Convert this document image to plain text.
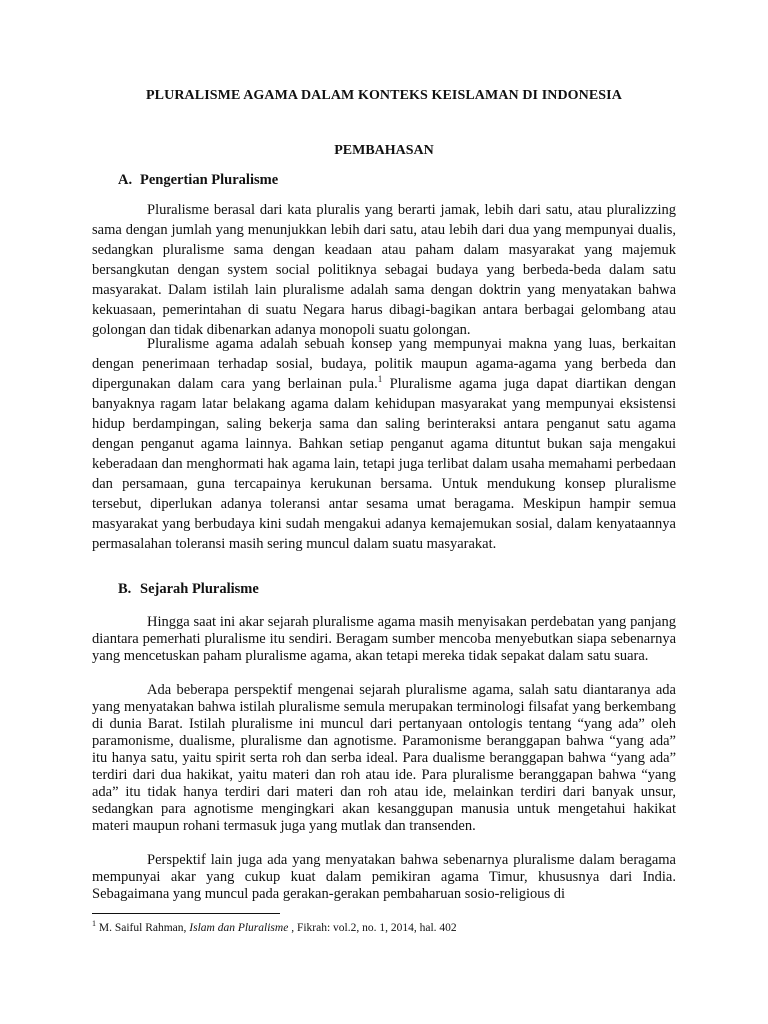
PLURALISME AGAMA DALAM KONTEKS KEISLAMAN DI INDONESIA
PEMBAHASAN
A. Pengertian Pluralisme

Pluralisme berasal dari kata pluralis yang berarti jamak, lebih dari satu, atau pluralizzing sama dengan jumlah yang menunjukkan lebih dari satu, atau lebih dari dua yang mempunyai dualis, sedangkan pluralisme sama dengan keadaan atau paham dalam masyarakat yang majemuk bersangkutan dengan system social politiknya sebagai budaya yang berbeda-beda dalam satu masyarakat. Dalam istilah lain pluralisme adalah sama dengan doktrin yang menyatakan bahwa kekuasaan, pemerintahan di suatu Negara harus dibagi-bagikan antara berbagai gelombang atau golongan dan tidak dibenarkan adanya monopoli suatu golongan.

Pluralisme agama adalah sebuah konsep yang mempunyai makna yang luas, berkaitan dengan penerimaan terhadap sosial, budaya, politik maupun agama-agama yang berbeda dan dipergunakan dalam cara yang berlainan pula.$^1$ Pluralisme agama juga dapat diartikan dengan banyaknya ragam latar belakang agama dalam kehidupan masyarakat yang mempunyai eksistensi hidup berdampingan, saling bekerja sama dan saling berinteraksi antara penganut satu agama dengan penganut agama lainnya. Bahkan setiap penganut agama dituntut bukan saja mengakui keberadaan dan menghormati hak agama lain, tetapi juga terlibat dalam usaha memahami perbedaan dan persamaan, guna tercapainya kerukunan bersama. Untuk mendukung konsep pluralisme tersebut, diperlukan adanya toleransi antar sesama umat beragama. Meskipun hampir semua masyarakat yang berbudaya kini sudah mengakui adanya kemajemukan sosial, dalam kenyataannya permasalahan toleransi masih sering muncul dalam suatu masyarakat.

B. Sejarah Pluralisme

Hingga saat ini akar sejarah pluralisme agama masih menyisakan perdebatan yang panjang diantara pemerhati pluralisme itu sendiri. Beragam sumber mencoba menyebutkan siapa sebenarnya yang mencetuskan paham pluralisme agama, akan tetapi mereka tidak sepakat dalam satu suara.

Ada beberapa perspektif mengenai sejarah pluralisme agama, salah satu diantaranya ada yang menyatakan bahwa istilah pluralisme semula merupakan terminologi filsafat yang berkembang di dunia Barat. Istilah pluralisme ini muncul dari pertanyaan ontologis tentang “yang ada” oleh paramonisme, dualisme, pluralisme dan agnotisme. Paramonisme beranggapan bahwa “yang ada” itu hanya satu, yaitu spirit serta roh dan serba ideal. Para dualisme beranggapan bahwa “yang ada” terdiri dari dua hakikat, yaitu materi dan roh atau ide. Para pluralisme beranggapan bahwa “yang ada” itu tidak hanya terdiri dari materi dan roh atau ide, melainkan terdiri dari banyak unsur, sedangkan para agnotisme mengingkari akan kesanggupan manusia untuk mengetahui hakikat materi maupun rohani termasuk juga yang mutlak dan transenden.

Perspektif lain juga ada yang menyatakan bahwa sebenarnya pluralisme dalam beragama mempunyai akar yang cukup kuat dalam pemikiran agama Timur, khususnya dari India. Sebagaimana yang muncul pada gerakan-gerakan pembaharuan sosio-religious di

$^1$ M. Saiful Rahman, Islam dan Pluralisme , Fikrah: vol.2, no. 1, 2014, hal. 402
